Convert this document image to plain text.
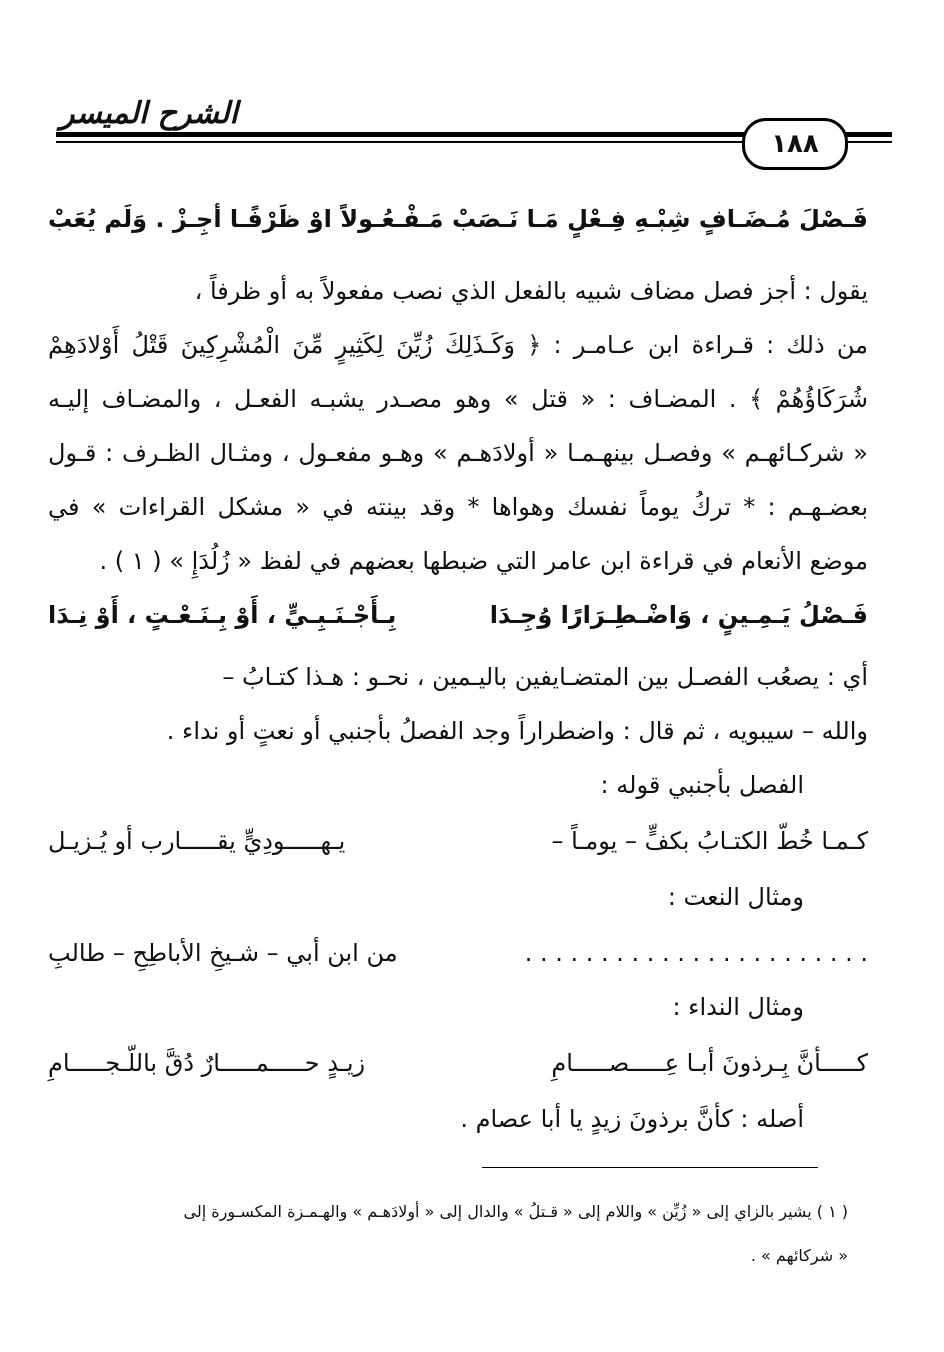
الشرح الميسر
١٨٨
فَـصْلَ مُـضَـافٍ شِبْـهِ فِـعْلٍ مَـا نَـصَبْ
مَـفْـعُـولاً اوْ ظَرْفًـا أجِـزْ . وَلَم يُعَبْ
يقول : أجز فصل مضاف شبيه بالفعل الذي نصب مفعولاً به أو ظرفاً ،
من ذلك : قـراءة ابن عـامـر : ﴿ وَكَـذَلِكَ زُيِّنَ لِكَثِيرٍ مِّنَ الْمُشْرِكِينَ قَتْلُ أَوْلادَهِمْ
شُرَكَاؤُهُمْ ﴾ . المضـاف : « قتل » وهو مصـدر يشبـه الفعـل ، والمضـاف إليـه
« شركـائهـم » وفصـل بينهـمـا « أولادَهـم » وهـو مفعـول ، ومثـال الظـرف : قـول
بعضـهـم : * تركُ يوماً نفسك وهواها * وقد بينته في « مشكل القراءات » في
موضع الأنعام في قراءة ابن عامر التي ضبطها بعضهم في لفظ « زُلُدَإِ » ( ١ ) .
فَـصْلُ يَـمِـينٍ ، وَاضْـطِـرَارًا وُجِـدَا
بِـأَجْـنَـبِـيٍّ ، أَوْ بِـنَـعْـتٍ ، أَوْ نِـدَا
أي : يصعُب الفصـل بين المتضـايفين باليـمين ، نحـو : هـذا كتـابُ –
والله – سيبويه ، ثم قال : واضطراراً وجد الفصلُ بأجنبي أو نعتٍ أو نداء .
الفصل بأجنبي قوله :
كـمـا خُطّ الكتـابُ بكفٍّ – يومـاً –
يـهـــــودِيٍّ يقـــــارب أو يُـزيـل
ومثال النعت :
. . . . . . . . . . . . . . . . . . . . . . .
من ابن أبي – شـيخِ الأباطِحِ – طالبِ
ومثال النداء :
كـــــأنَّ بِـرذونَ أبـا عِـــــصـــــامِ
زيـدٍ حـــــمـــــارٌ دُقَّ باللّـجـــــامِ
أصله : كأنَّ برذونَ زيدٍ يا أبا عصام .
( ١ ) يشير بالزاي إلى « زُيِّن » واللام إلى « قـتلُ » والدال إلى « أولادَهـم » والهـمـزة المكسـورة إلى
« شركائهم » .
